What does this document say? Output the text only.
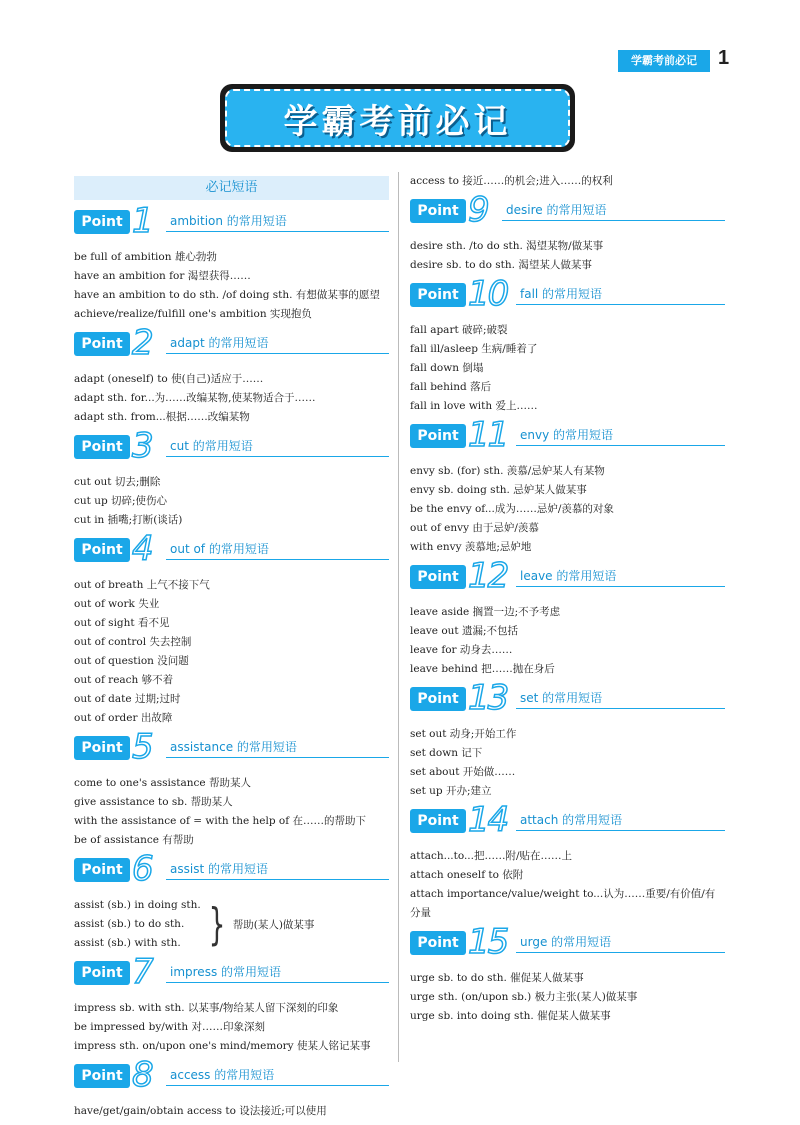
学霸考前必记	1
学霸考前必记
必记短语
Point 1 ambition 的常用短语
be full of ambition 雄心勃勃
have an ambition for 渴望获得……
have an ambition to do sth. /of doing sth. 有想做某事的愿望
achieve/realize/fulfill one's ambition 实现抱负
Point 2 adapt 的常用短语
adapt (oneself) to 使(自己)适应于……
adapt sth. for...为……改编某物,使某物适合于……
adapt sth. from...根据……改编某物
Point 3 cut 的常用短语
cut out 切去;删除
cut up 切碎;使伤心
cut in 插嘴;打断(谈话)
Point 4 out of 的常用短语
out of breath 上气不接下气
out of work 失业
out of sight 看不见
out of control 失去控制
out of question 没问题
out of reach 够不着
out of date 过期;过时
out of order 出故障
Point 5 assistance 的常用短语
come to one's assistance 帮助某人
give assistance to sb. 帮助某人
with the assistance of = with the help of 在……的帮助下
be of assistance 有帮助
Point 6 assist 的常用短语
assist (sb.) in doing sth.
assist (sb.) to do sth.
assist (sb.) with sth. } 帮助(某人)做某事
Point 7 impress 的常用短语
impress sb. with sth. 以某事/物给某人留下深刻的印象
be impressed by/with 对……印象深刻
impress sth. on/upon one's mind/memory 使某人铭记某事
Point 8 access 的常用短语
have/get/gain/obtain access to 设法接近;可以使用
access to 接近……的机会;进入……的权利
Point 9 desire 的常用短语
desire sth. /to do sth. 渴望某物/做某事
desire sb. to do sth. 渴望某人做某事
Point 10 fall 的常用短语
fall apart 破碎;破裂
fall ill/asleep 生病/睡着了
fall down 倒塌
fall behind 落后
fall in love with 爱上……
Point 11 envy 的常用短语
envy sb. (for) sth. 羡慕/忌妒某人有某物
envy sb. doing sth. 忌妒某人做某事
be the envy of...成为……忌妒/羡慕的对象
out of envy 由于忌妒/羡慕
with envy 羡慕地;忌妒地
Point 12 leave 的常用短语
leave aside 搁置一边;不予考虑
leave out 遗漏;不包括
leave for 动身去……
leave behind 把……抛在身后
Point 13 set 的常用短语
set out 动身;开始工作
set down 记下
set about 开始做……
set up 开办;建立
Point 14 attach 的常用短语
attach...to...把……附/贴在……上
attach oneself to 依附
attach importance/value/weight to...认为……重要/有价值/有分量
Point 15 urge 的常用短语
urge sb. to do sth. 催促某人做某事
urge sth. (on/upon sb.) 极力主张(某人)做某事
urge sb. into doing sth. 催促某人做某事
